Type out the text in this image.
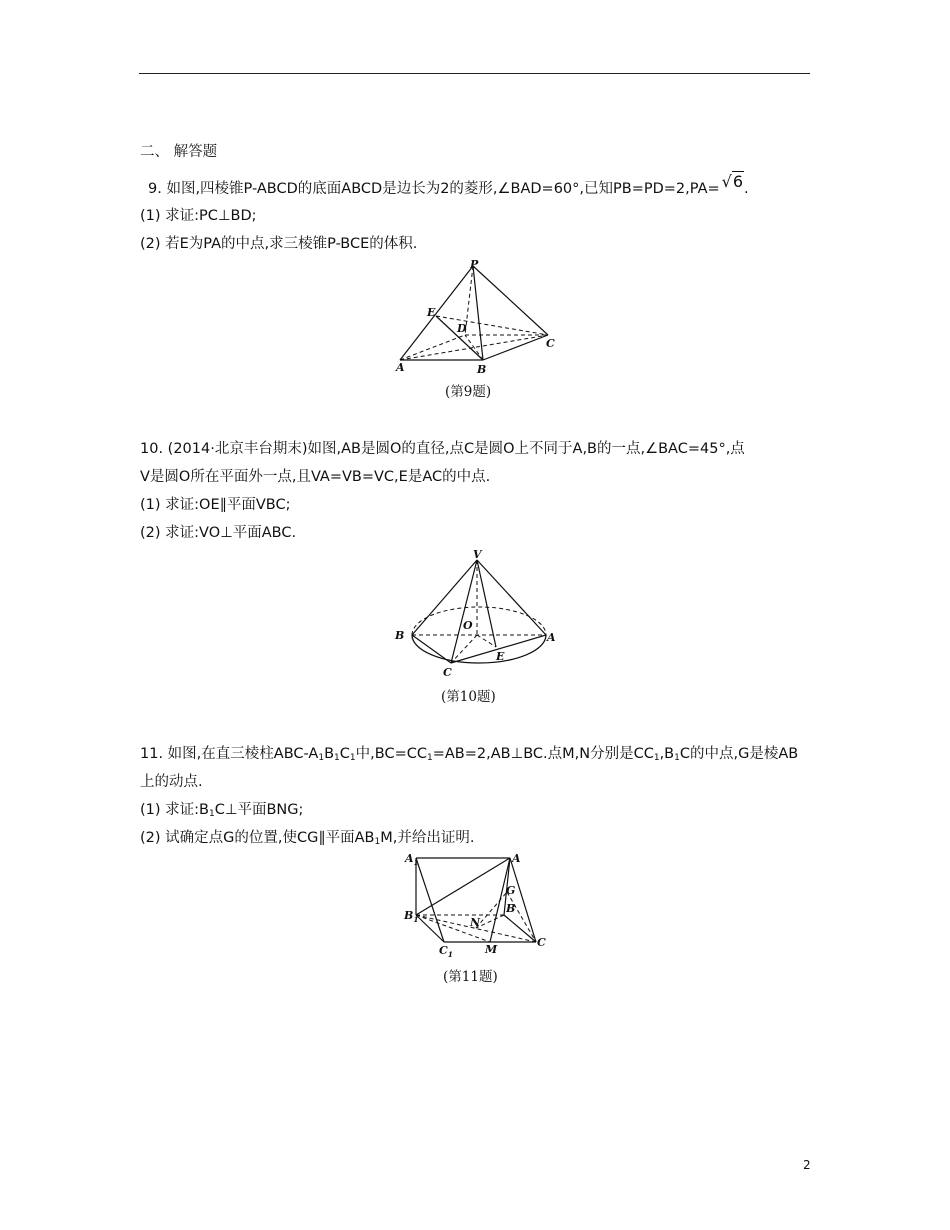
二、 解答题
9. 如图,四棱锥P-ABCD的底面ABCD是边长为2的菱形,∠BAD=60°,已知PB=PD=2,PA= √6.
(1) 求证:PC⊥BD;
(2) 若E为PA的中点,求三棱锥P-BCE的体积.
P
E
D
C
A	B
(第9题)
10. (2014·北京丰台期末)如图,AB是圆O的直径,点C是圆O上不同于A,B的一点,∠BAC=45°,点
V是圆O所在平面外一点,且VA=VB=VC,E是AC的中点.
(1) 求证:OE∥平面VBC;
(2) 求证:VO⊥平面ABC.
V
B
O
A
E
C
(第10题)
11. 如图,在直三棱柱ABC-$A_1B_1C_1$中$,BC=CC_1=AB=2,AB\perp BC$.点M,N分别是$CC_1,B_1C$的中点,G是棱AB
上的动点.
(1) 求证$:B_1C\perp$平面BNG;
(2) 试确定点G的位置,使CG∥平面$AB_1M$,并给出证明.
$A_1$	A
G
$B_1$
B
N
$C_1$	M
C
(第11题)
2
